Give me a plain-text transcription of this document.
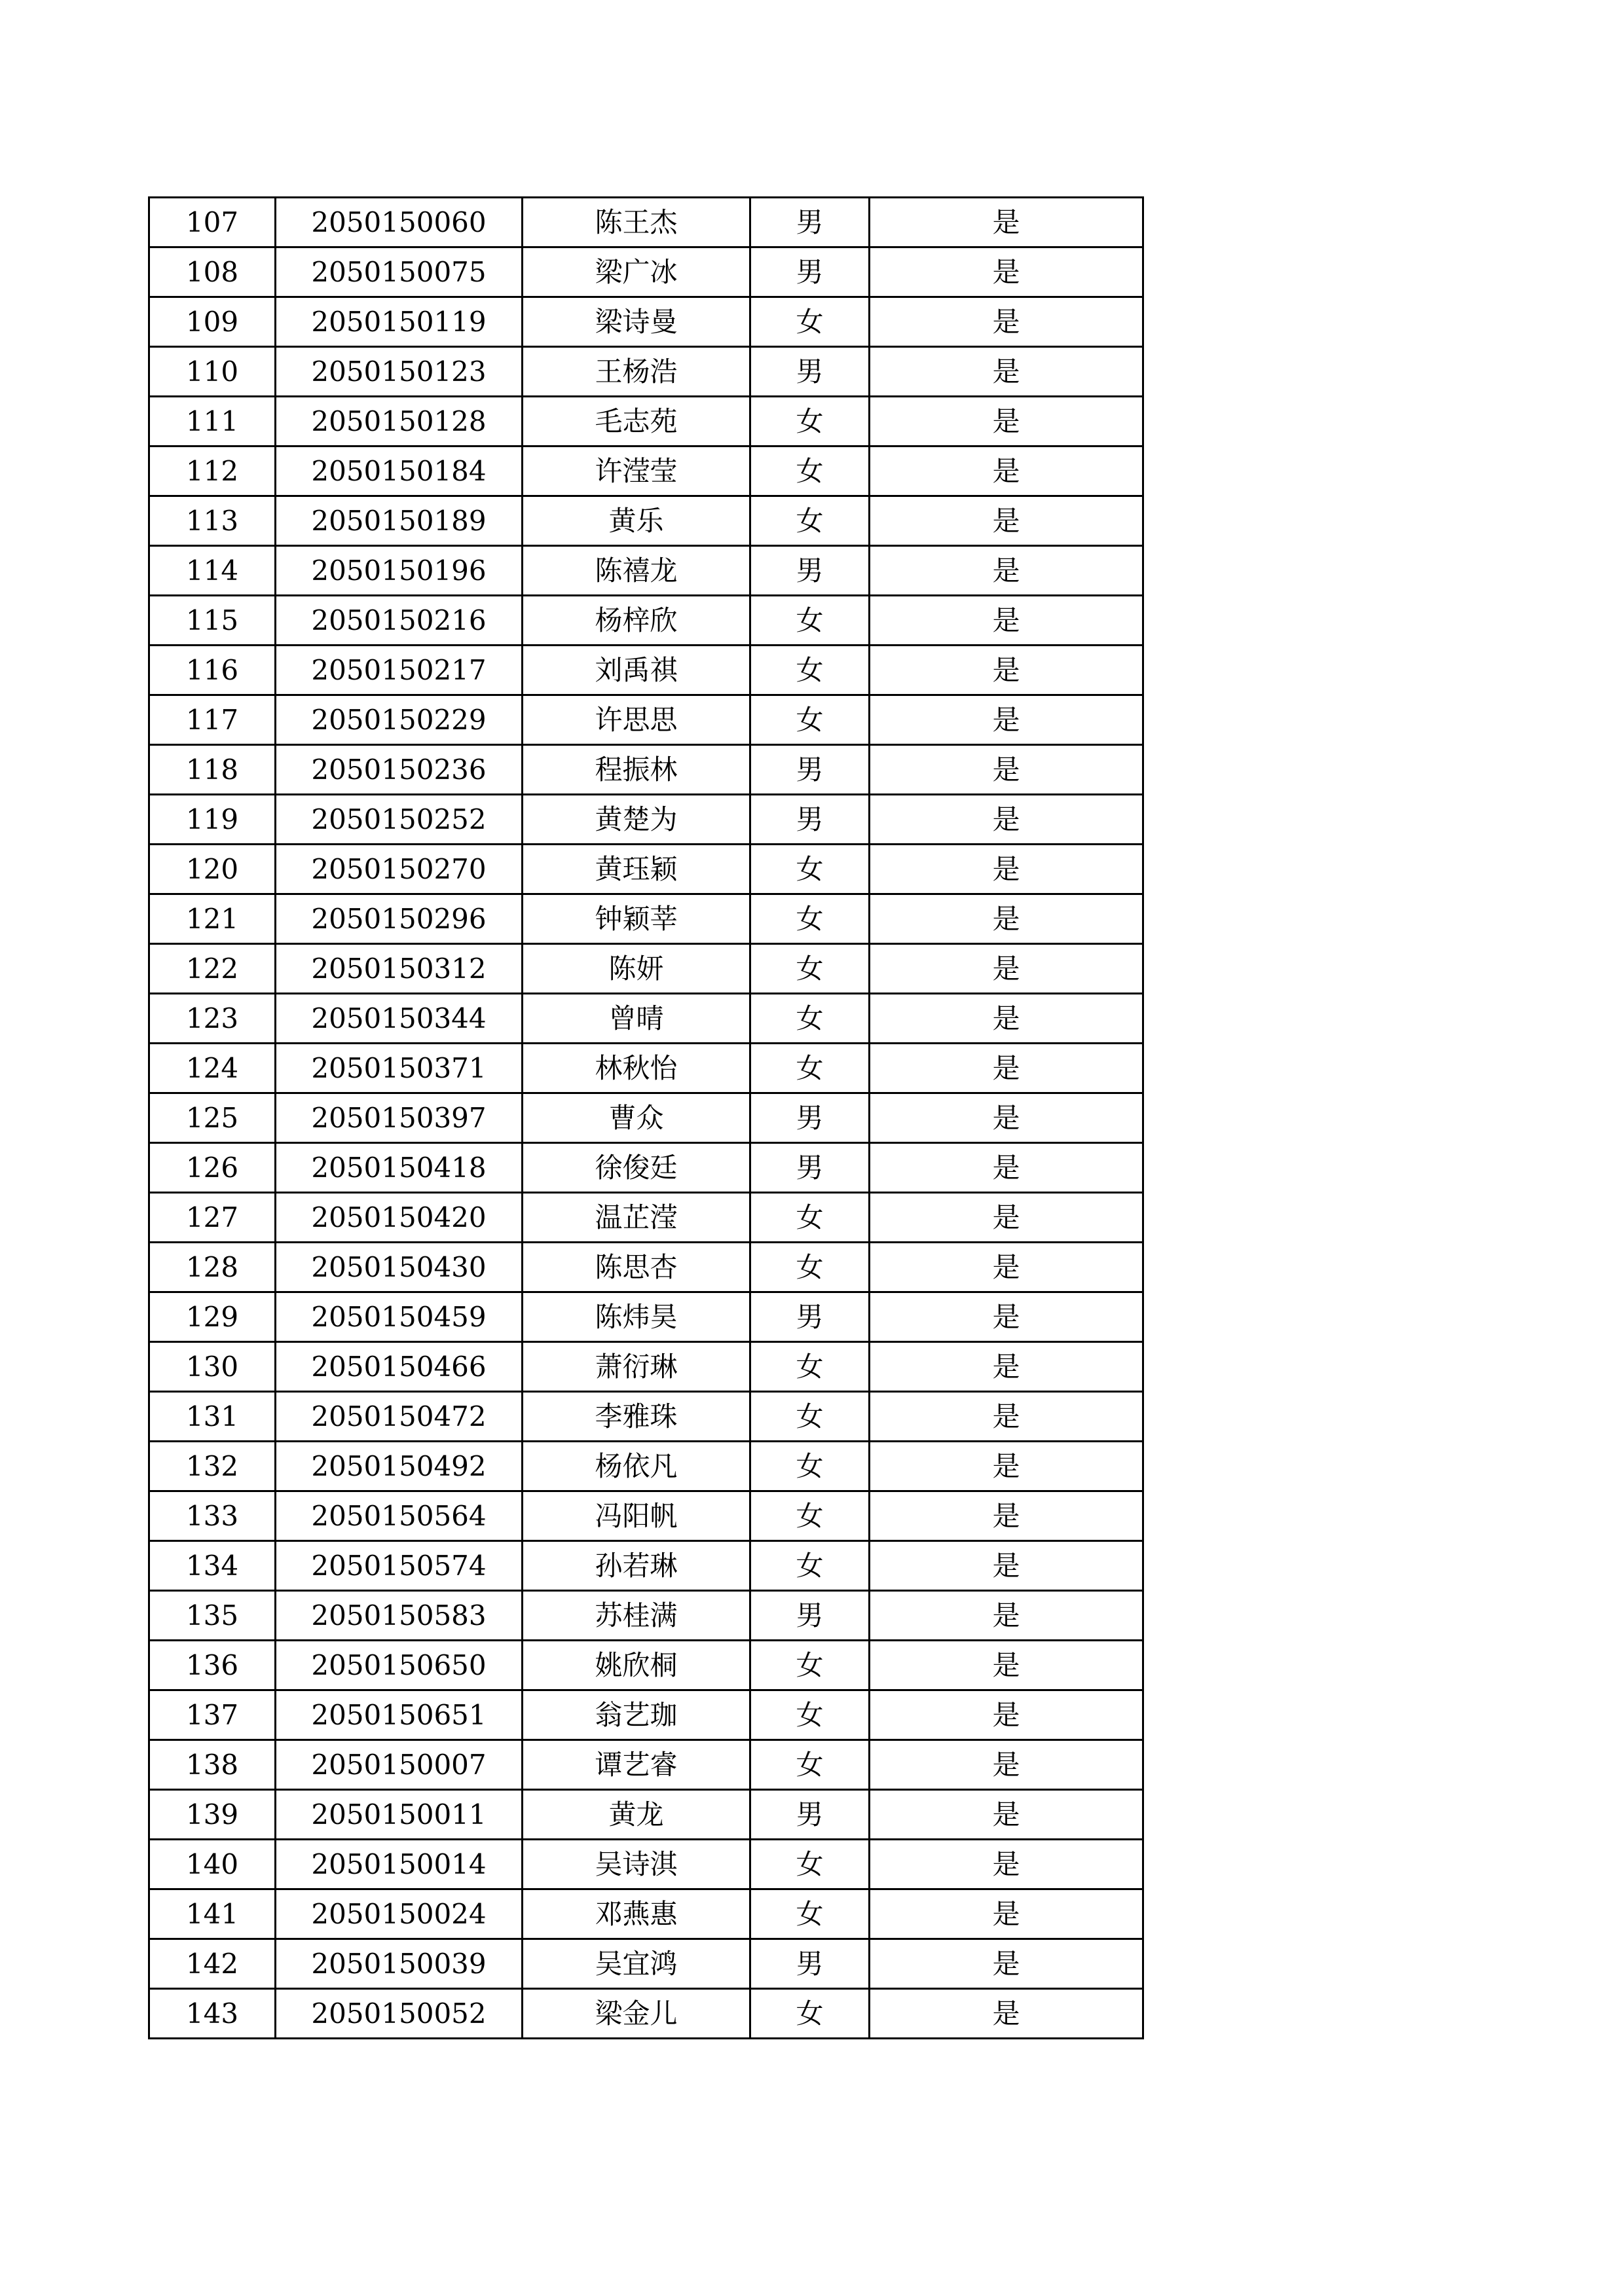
107	2050150060	陈王杰	男	是
108	2050150075	梁广冰	男	是
109	2050150119	梁诗曼	女	是
110	2050150123	王杨浩	男	是
111	2050150128	毛志苑	女	是
112	2050150184	许滢莹	女	是
113	2050150189	黄乐	女	是
114	2050150196	陈禧龙	男	是
115	2050150216	杨梓欣	女	是
116	2050150217	刘禹祺	女	是
117	2050150229	许思思	女	是
118	2050150236	程振林	男	是
119	2050150252	黄楚为	男	是
120	2050150270	黄珏颖	女	是
121	2050150296	钟颖莘	女	是
122	2050150312	陈妍	女	是
123	2050150344	曾晴	女	是
124	2050150371	林秋怡	女	是
125	2050150397	曹众	男	是
126	2050150418	徐俊廷	男	是
127	2050150420	温芷滢	女	是
128	2050150430	陈思杏	女	是
129	2050150459	陈炜昊	男	是
130	2050150466	萧衍琳	女	是
131	2050150472	李雅珠	女	是
132	2050150492	杨依凡	女	是
133	2050150564	冯阳帆	女	是
134	2050150574	孙若琳	女	是
135	2050150583	苏桂满	男	是
136	2050150650	姚欣桐	女	是
137	2050150651	翁艺珈	女	是
138	2050150007	谭艺睿	女	是
139	2050150011	黄龙	男	是
140	2050150014	吴诗淇	女	是
141	2050150024	邓燕惠	女	是
142	2050150039	吴宜鸿	男	是
143	2050150052	梁金儿	女	是
